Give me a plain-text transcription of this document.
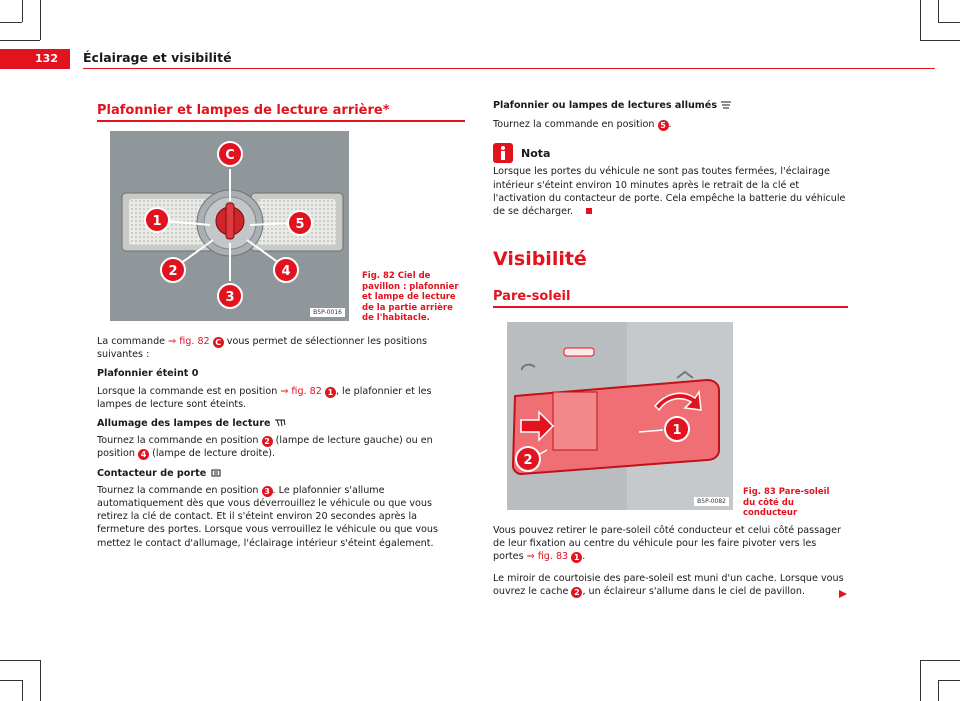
132	Éclairage et visibilité
Plafonnier et lampes de lecture arrière*
C
1	5
2
3
4
B5P-0016
Fig. 82 Ciel de pavillon : plafonnier et lampe de lecture de la partie arrière de l'habitacle.

La commande ⇒ fig. 82 C vous permet de sélectionner les positions suivantes :

Plafonnier éteint 0

Lorsque la commande est en position ⇒ fig. 82 1 , le plafonnier et les lampes de lecture sont éteints.

Allumage des lampes de lecture

Tournez la commande en position 2 (lampe de lecture gauche) ou en position 4 (lampe de lecture droite).

Contacteur de porte

Tournez la commande en position 3 . Le plafonnier s'allume automatiquement dès que vous déverrouillez le véhicule ou que vous retirez la clé de contact. Et il s'éteint environ 20 secondes après la fermeture des portes. Lorsque vous verrouillez le véhicule ou que vous mettez le contact d'allumage, l'éclairage intérieur s'éteint également.

Plafonnier ou lampes de lectures allumés

Tournez la commande en position 5 .

Nota

Lorsque les portes du véhicule ne sont pas toutes fermées, l'éclairage intérieur s'éteint environ 10 minutes après le retrait de la clé et l'activation du contacteur de porte. Cela empêche la batterie du véhicule de se décharger.

Visibilité
Pare-soleil
1
2
B5P-0082
Fig. 83 Pare-soleil du côté du conducteur

Vous pouvez retirer le pare-soleil côté conducteur et celui côté passager de leur fixation au centre du véhicule pour les faire pivoter vers les portes ⇒ fig. 83 1 .

Le miroir de courtoisie des pare-soleil est muni d'un cache. Lorsque vous ouvrez le cache 2 , un éclaireur s'allume dans le ciel de pavillon.
